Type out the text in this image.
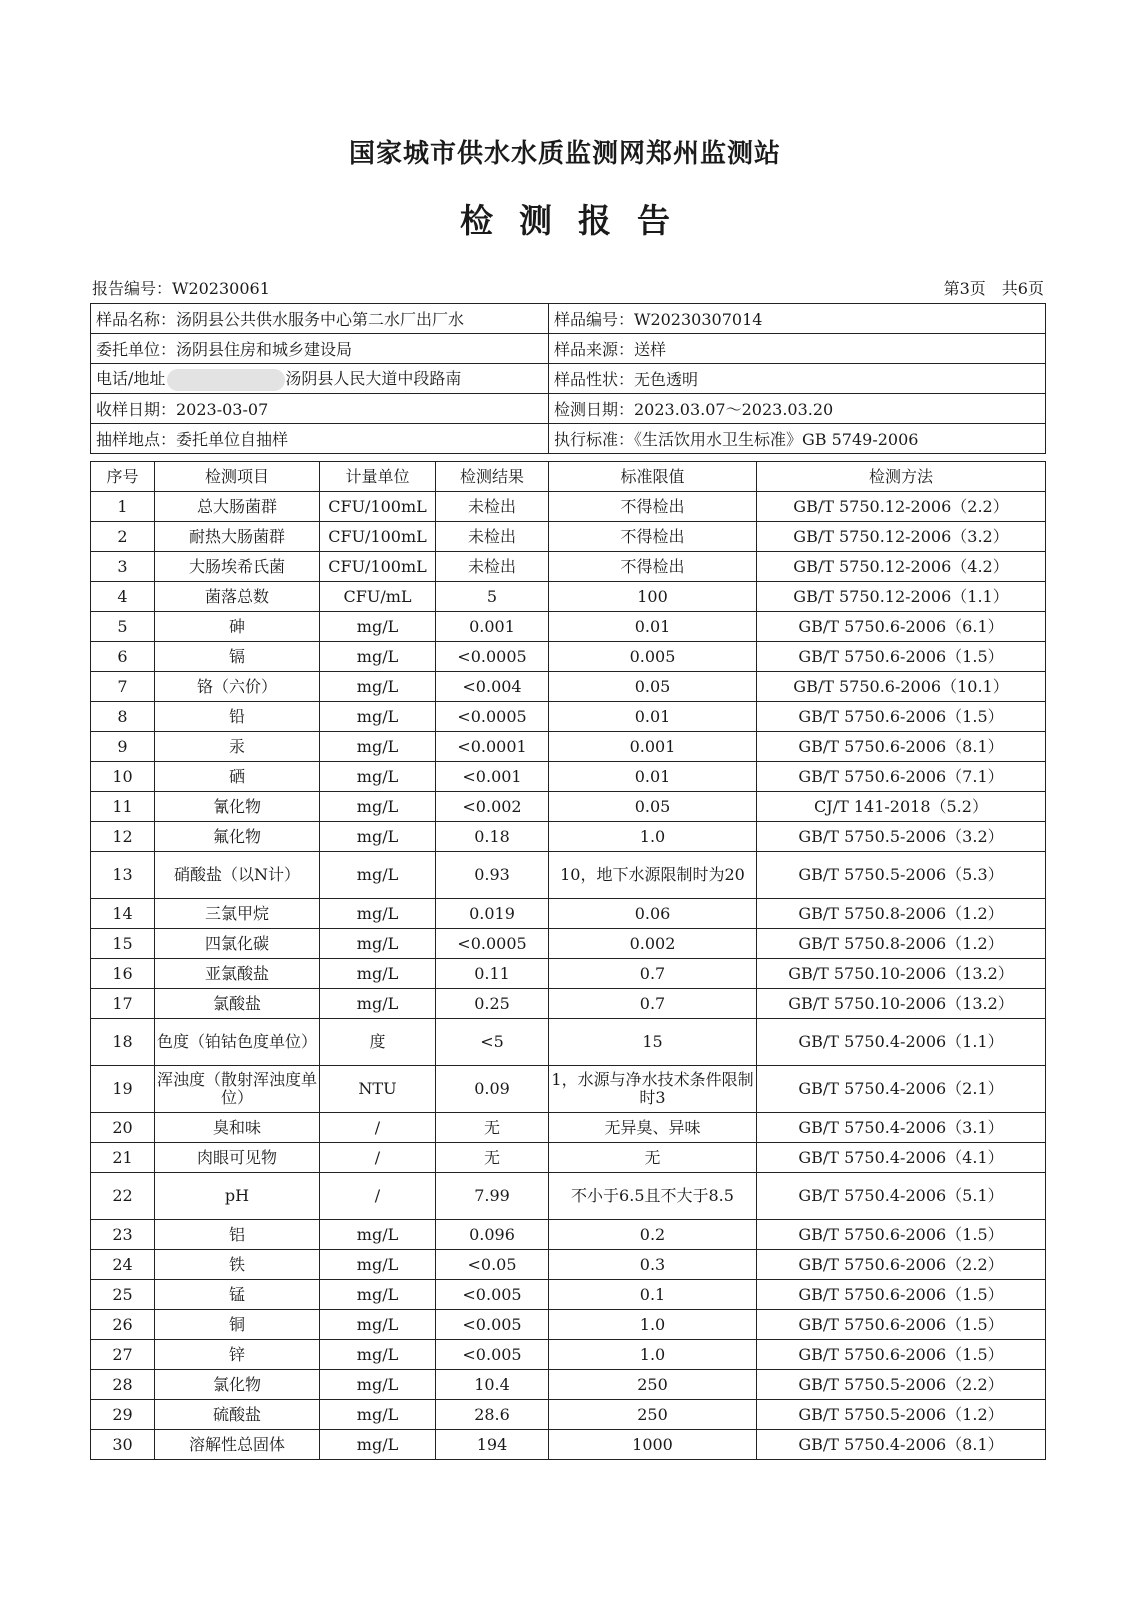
国家城市供水水质监测网郑州监测站
检测报告
报告编号：W20230061	第3页　共6页
样品名称：汤阴县公共供水服务中心第二水厂出厂水	样品编号：W20230307014
委托单位：汤阴县住房和城乡建设局	样品来源：送样
电话/地址 汤阴县人民大道中段路南	样品性状：无色透明
收样日期：2023-03-07	检测日期：2023.03.07～2023.03.20
抽样地点：委托单位自抽样	执行标准：《生活饮用水卫生标准》GB 5749-2006
序号	检测项目	计量单位	检测结果	标准限值	检测方法
1	总大肠菌群	CFU/100mL	未检出	不得检出	GB/T 5750.12-2006（2.2）
2	耐热大肠菌群	CFU/100mL	未检出	不得检出	GB/T 5750.12-2006（3.2）
3	大肠埃希氏菌	CFU/100mL	未检出	不得检出	GB/T 5750.12-2006（4.2）
4	菌落总数	CFU/mL	5	100	GB/T 5750.12-2006（1.1）
5	砷	mg/L	0.001	0.01	GB/T 5750.6-2006（6.1）
6	镉	mg/L	<0.0005	0.005	GB/T 5750.6-2006（1.5）
7	铬（六价）	mg/L	<0.004	0.05	GB/T 5750.6-2006（10.1）
8	铅	mg/L	<0.0005	0.01	GB/T 5750.6-2006（1.5）
9	汞	mg/L	<0.0001	0.001	GB/T 5750.6-2006（8.1）
10	硒	mg/L	<0.001	0.01	GB/T 5750.6-2006（7.1）
11	氰化物	mg/L	<0.002	0.05	CJ/T 141-2018（5.2）
12	氟化物	mg/L	0.18	1.0	GB/T 5750.5-2006（3.2）
13	硝酸盐（以N计）	mg/L	0.93	10，地下水源限制时为20	GB/T 5750.5-2006（5.3）
14	三氯甲烷	mg/L	0.019	0.06	GB/T 5750.8-2006（1.2）
15	四氯化碳	mg/L	<0.0005	0.002	GB/T 5750.8-2006（1.2）
16	亚氯酸盐	mg/L	0.11	0.7	GB/T 5750.10-2006（13.2）
17	氯酸盐	mg/L	0.25	0.7	GB/T 5750.10-2006（13.2）
18	色度（铂钴色度单位）	度	<5	15	GB/T 5750.4-2006（1.1）
19	浑浊度（散射浑浊度单位）	NTU	0.09	1，水源与净水技术条件限制时3	GB/T 5750.4-2006（2.1）
20	臭和味	/	无	无异臭、异味	GB/T 5750.4-2006（3.1）
21	肉眼可见物	/	无	无	GB/T 5750.4-2006（4.1）
22	pH	/	7.99	不小于6.5且不大于8.5	GB/T 5750.4-2006（5.1）
23	铝	mg/L	0.096	0.2	GB/T 5750.6-2006（1.5）
24	铁	mg/L	<0.05	0.3	GB/T 5750.6-2006（2.2）
25	锰	mg/L	<0.005	0.1	GB/T 5750.6-2006（1.5）
26	铜	mg/L	<0.005	1.0	GB/T 5750.6-2006（1.5）
27	锌	mg/L	<0.005	1.0	GB/T 5750.6-2006（1.5）
28	氯化物	mg/L	10.4	250	GB/T 5750.5-2006（2.2）
29	硫酸盐	mg/L	28.6	250	GB/T 5750.5-2006（1.2）
30	溶解性总固体	mg/L	194	1000	GB/T 5750.4-2006（8.1）
